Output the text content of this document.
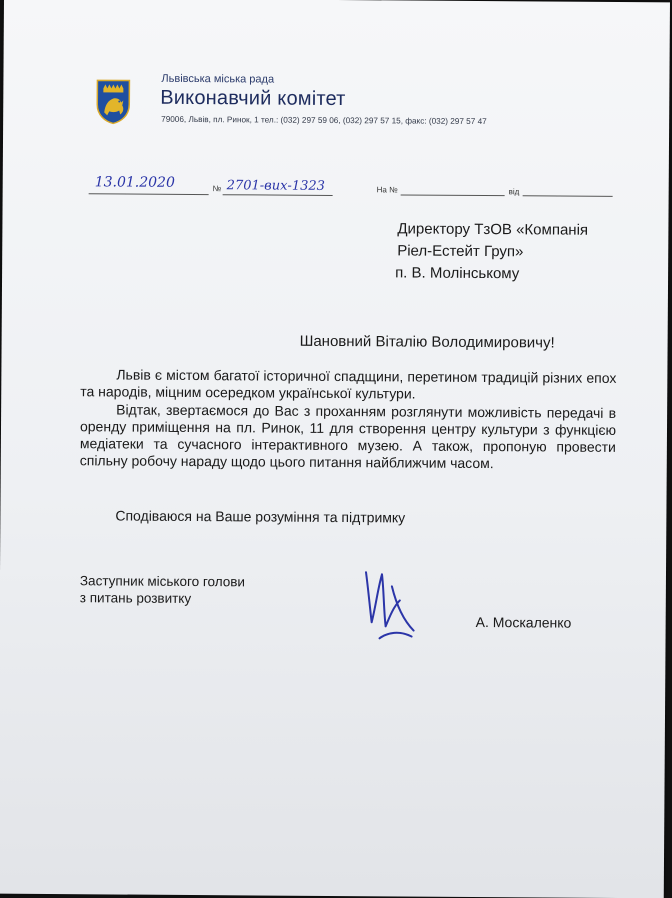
Львівська міська рада
Виконавчий комітет
79006, Львів, пл. Ринок, 1 тел.: (032) 297 59 06, (032) 297 57 15, факс: (032) 297 57 47
13.01.2020	№ 2701-вих-1323	На №	від
Директору ТзОВ «Компанія
Ріел-Естейт Груп»
п. В. Молінському
Шановний Віталію Володимировичу!
Львів є містом багатої історичної спадщини, перетином традицій різних епох та народів, міцним осередком української культури.
Відтак, звертаємося до Вас з проханням розглянути можливість передачі в оренду приміщення на пл. Ринок, 11 для створення центру культури з функцією медіатеки та сучасного інтерактивного музею. А також, пропоную провести спільну робочу нараду щодо цього питання найближчим часом.
Сподіваюся на Ваше розуміння та підтримку
Заступник міського голови
з питань розвитку
А. Москаленко
